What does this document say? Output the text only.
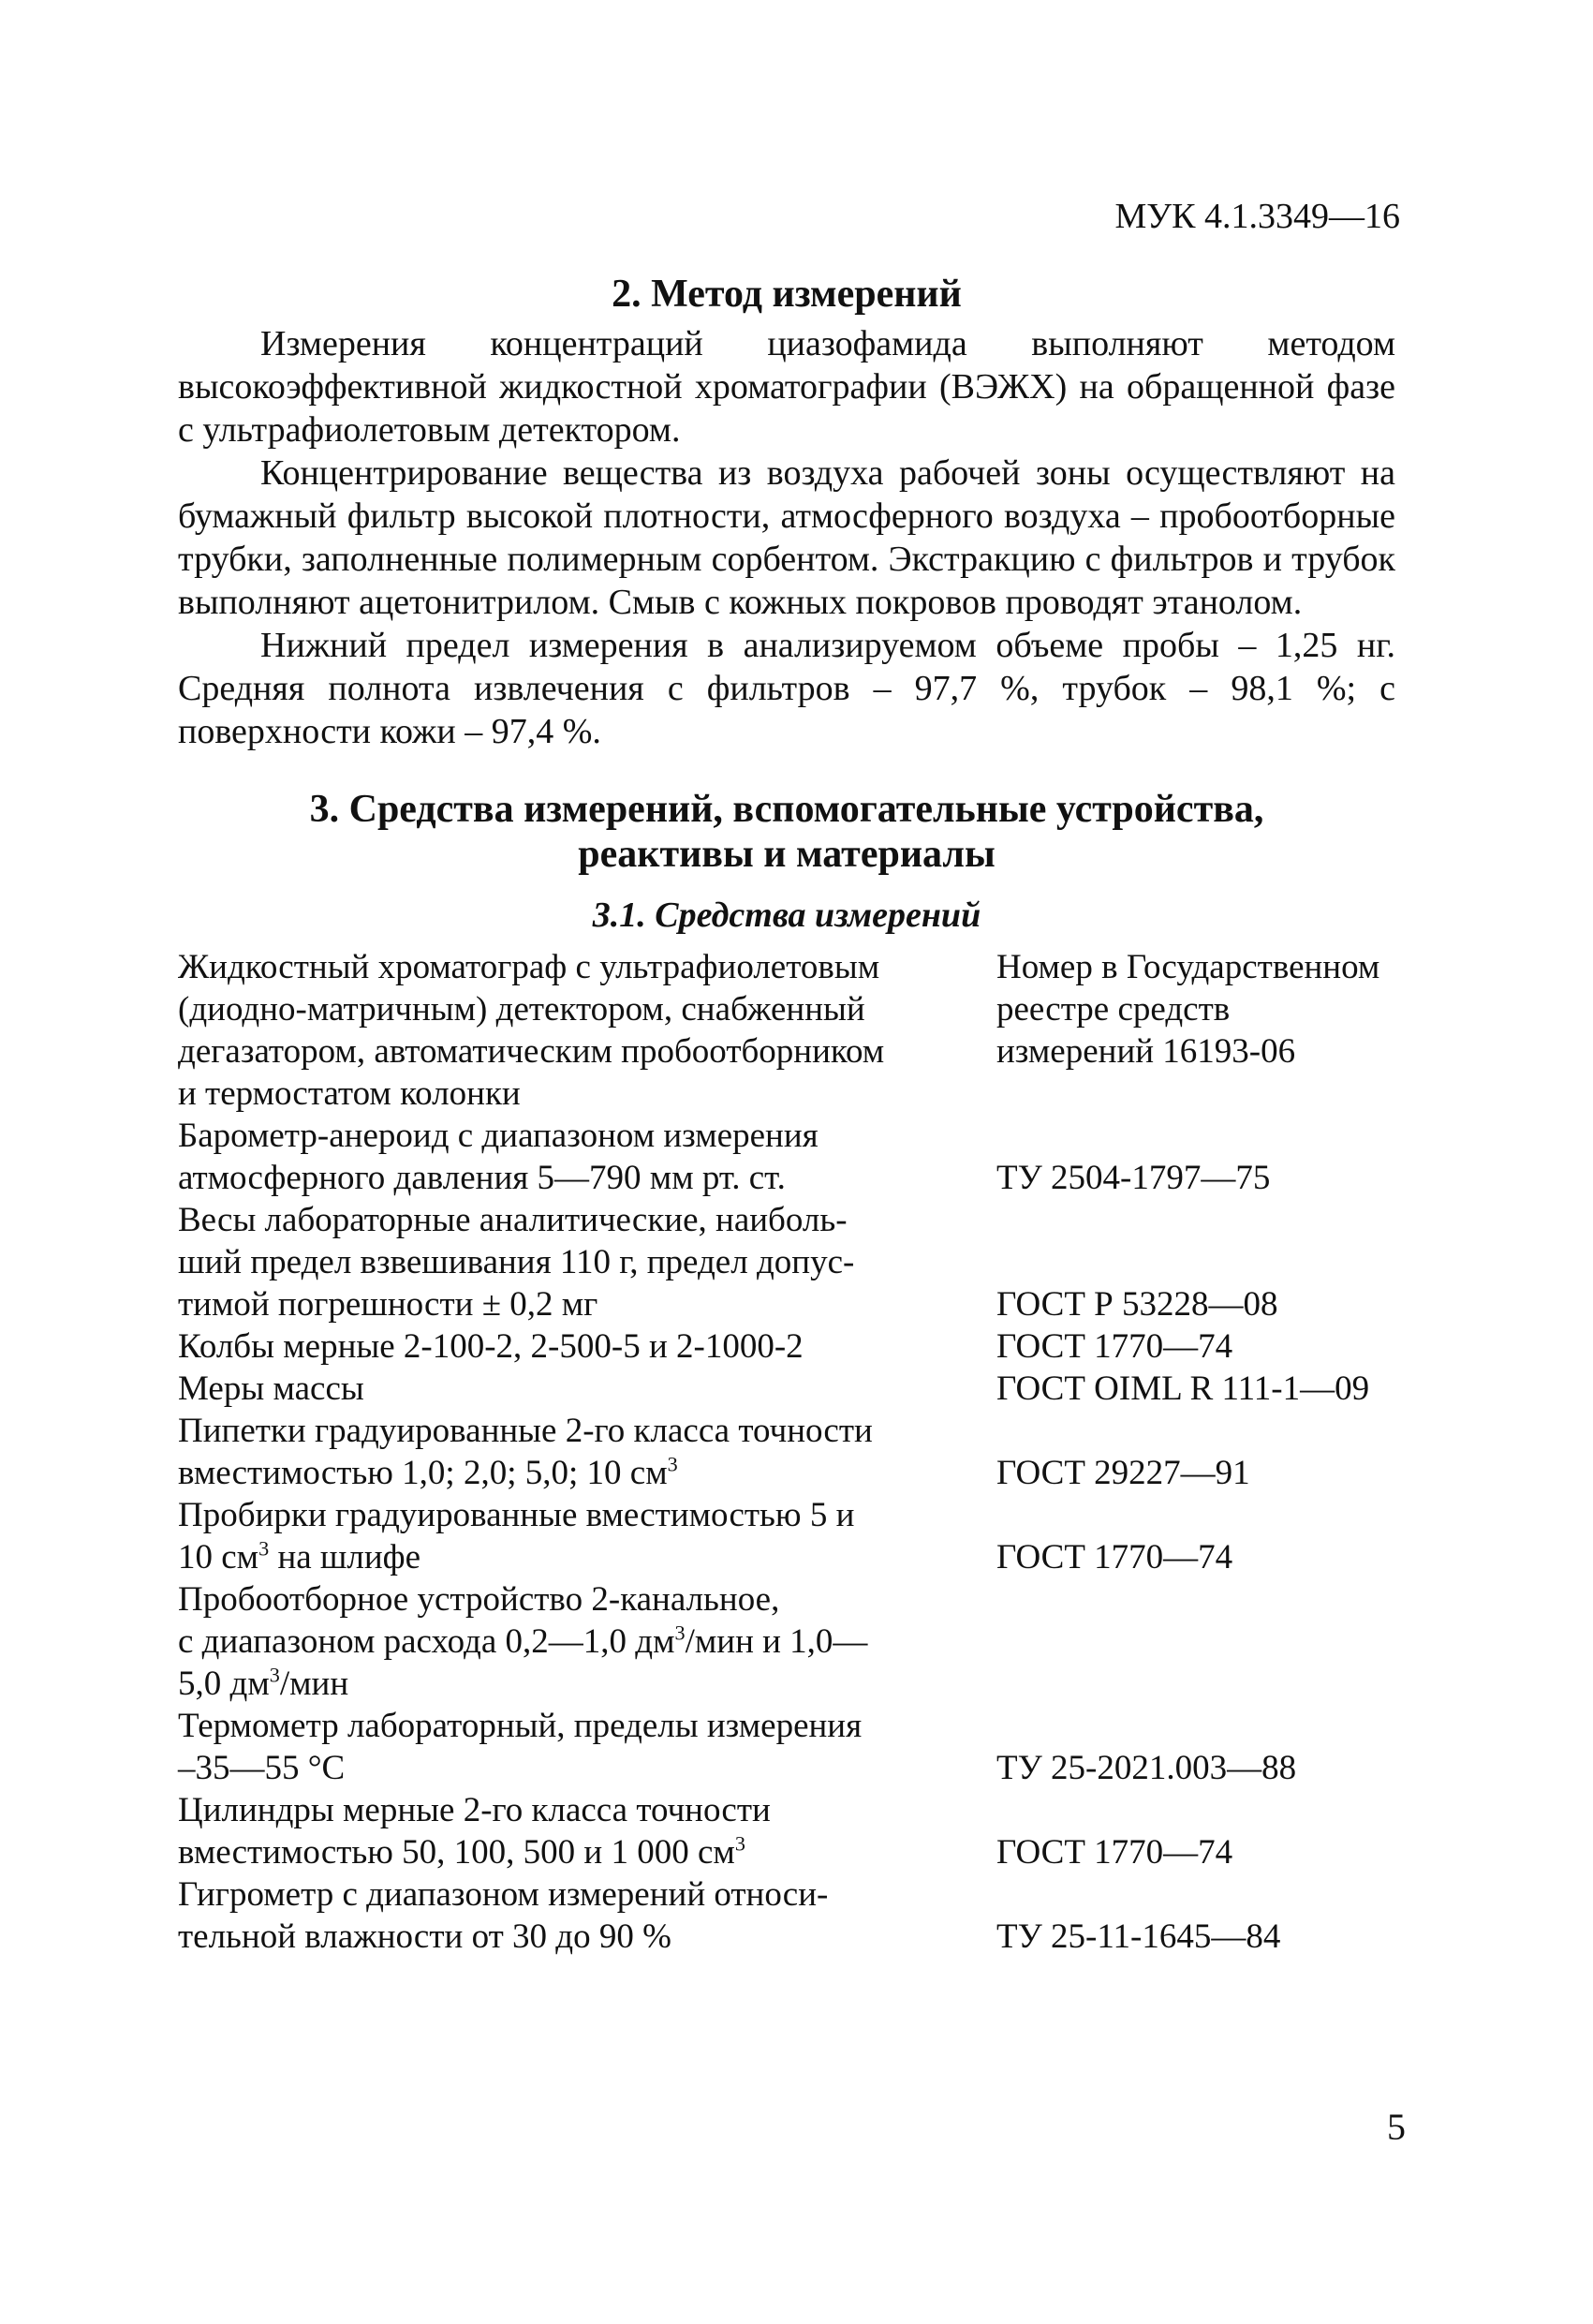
МУК 4.1.3349—16
2. Метод измерений

Измерения концентраций циазофамида выполняют методом высокоэффективной жидкостной хроматографии (ВЭЖХ) на обращенной фазе с ультрафиолетовым детектором.

Концентрирование вещества из воздуха рабочей зоны осуществляют на бумажный фильтр высокой плотности, атмосферного воздуха – пробоотборные трубки, заполненные полимерным сорбентом. Экстракцию с фильтров и трубок выполняют ацетонитрилом. Смыв с кожных покровов проводят этанолом.

Нижний предел измерения в анализируемом объеме пробы – 1,25 нг. Средняя полнота извлечения с фильтров – 97,7 %, трубок – 98,1 %; с поверхности кожи – 97,4 %.

3. Средства измерений, вспомогательные устройства,
реактивы и материалы
3.1. Средства измерений
Жидкостный хроматограф с ультрафиолетовым
(диодно-матричным) детектором, снабженный
дегазатором, автоматическим пробоотборником
и термостатом колонки	Номер в Государственном
реестре средств
измерений 16193-06

Барометр-анероид с диапазоном измерения
атмосферного давления 5—790 мм рт. ст.	ТУ 2504-1797—75

Весы лабораторные аналитические, наиболь-
ший предел взвешивания 110 г, предел допус-
тимой погрешности ± 0,2 мг	ГОСТ Р 53228—08

Колбы мерные 2-100-2, 2-500-5 и 2-1000-2	ГОСТ 1770—74

Меры массы	ГОСТ OIML R 111-1—09

Пипетки градуированные 2-го класса точности
вместимостью 1,0; 2,0; 5,0; 10 $см^3$	ГОСТ 29227—91

Пробирки градуированные вместимостью 5 и
10 $см^3$ на шлифе	ГОСТ 1770—74

Пробоотборное устройство 2-канальное,
с диапазоном расхода 0,2—1,0 $дм^3$/мин и 1,0—
5,0 $дм^3$/мин	

Термометр лабораторный, пределы измерения
–35—55 °С	ТУ 25-2021.003—88

Цилиндры мерные 2-го класса точности
вместимостью 50, 100, 500 и 1 000 $см^3$	ГОСТ 1770—74

Гигрометр с диапазоном измерений относи-
тельной влажности от 30 до 90 %	ТУ 25-11-1645—84
5
